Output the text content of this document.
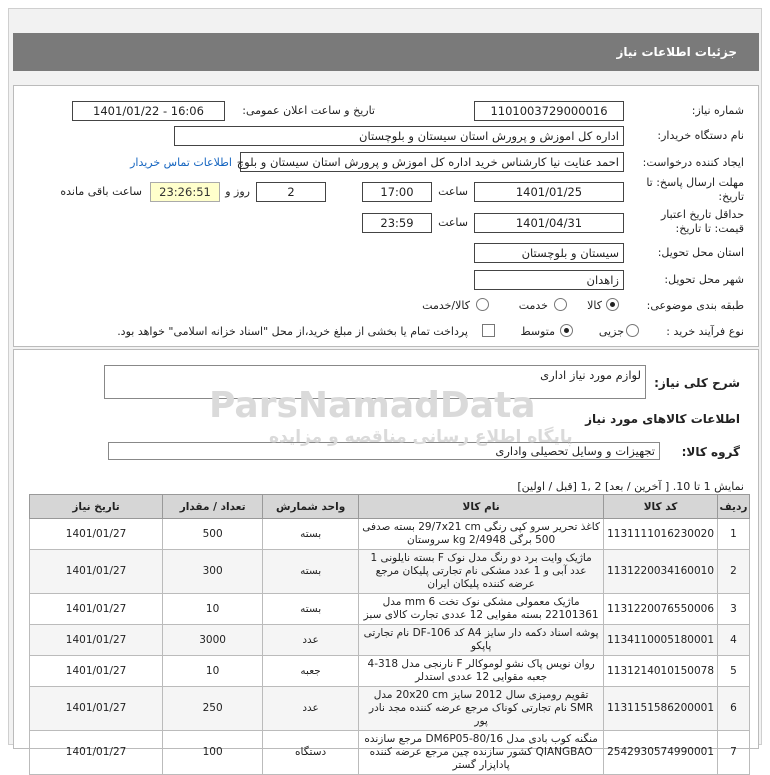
جزئیات اطلاعات نیاز
شماره نیاز:
1101003729000016
تاریخ و ساعت اعلان عمومی:
1401/01/22 - 16:06
نام دستگاه خریدار:
اداره کل اموزش و پرورش استان سیستان و بلوچستان
ایجاد کننده درخواست:
احمد عنایت نیا کارشناس خرید اداره کل اموزش و پرورش استان سیستان و بلوچ
اطلاعات تماس خریدار
مهلت ارسال پاسخ: تا تاریخ:
1401/01/25
ساعت
17:00
2
روز و
23:26:51
ساعت باقی مانده
حداقل تاریخ اعتبار قیمت: تا تاریخ:
1401/04/31
ساعت
23:59
استان محل تحویل:
سیستان و بلوچستان
شهر محل تحویل:
زاهدان
طبقه بندی موضوعی:
کالا
خدمت
کالا/خدمت
نوع فرآیند خرید :
جزیی
متوسط
پرداخت تمام یا بخشی از مبلغ خرید،از محل "اسناد خزانه اسلامی" خواهد بود.
شرح کلی نیاز:
لوازم مورد نیاز اداری
اطلاعات کالاهای مورد نیاز
گروه کالا:
تجهیزات و وسایل تحصیلی واداری
نمایش 1 تا 10. [ آخرین / بعد] 2 ,1 [قبل / اولین]
ParsNamadData
پایگاه اطلاع رسانی مناقصه و مزایده
ردیف	کد کالا	نام کالا	واحد شمارش	تعداد / مقدار	تاریخ نیاز
1	1131111016230020	کاغذ تحریر سرو کپی رنگی 29/7x21 cm بسته صدفی 500 برگی 2/4948 kg سروستان	بسته	500	1401/01/27
2	1131220034160010	ماژیک وایت برد دو رنگ مدل نوک F بسته نایلونی 1 عدد آبی و 1 عدد مشکی نام تجارتی پلیکان مرجع عرضه کننده پلیکان ایران	بسته	300	1401/01/27
3	1131220076550006	ماژیک معمولی مشکی نوک تخت 6 mm مدل 22101361 بسته مقوایی 12 عددی تجارت کالای سبز	بسته	10	1401/01/27
4	1134110005180001	پوشه اسناد دکمه دار سایز A4 کد DF-106 نام تجارتی پاپکو	عدد	3000	1401/01/27
5	1131214010150078	روان نویس پاک نشو لوموکالر F نارنجی مدل 318-4 جعبه مقوایی 12 عددی استدلر	جعبه	10	1401/01/27
6	1131151586200001	تقویم رومیزی سال 2012 سایز 20x20 cm مدل SMR نام تجارتی کوناک مرجع عرضه کننده مجد نادر پور	عدد	250	1401/01/27
7	2542930574990001	منگنه کوب بادی مدل DM6P05-80/16 مرجع سازنده QIANGBAO کشور سازنده چین مرجع عرضه کننده پاداپزار گستر	دستگاه	100	1401/01/27
